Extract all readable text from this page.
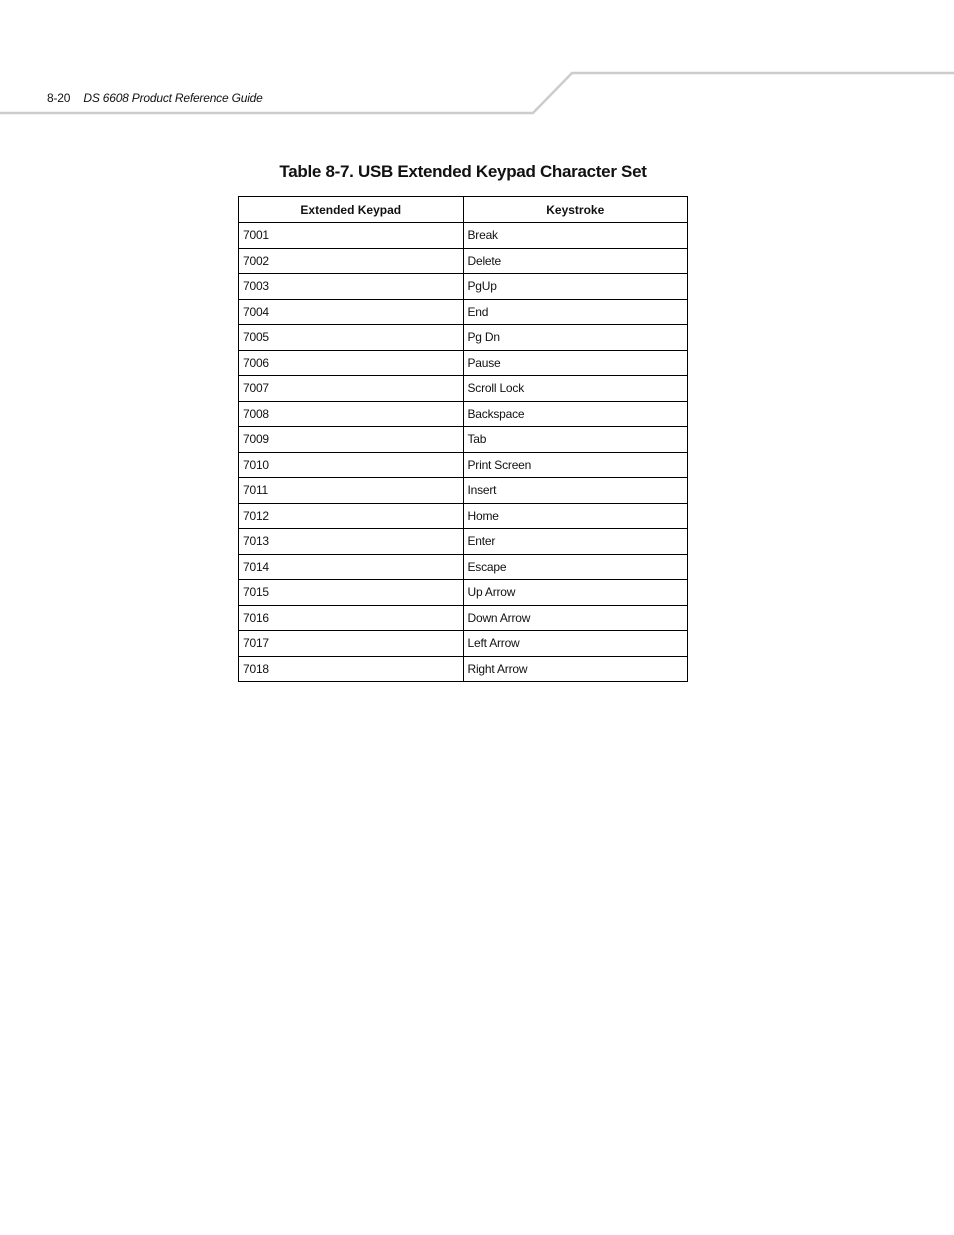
8-20 DS 6608 Product Reference Guide
Table 8-7. USB Extended Keypad Character Set
Extended Keypad	Keystroke
7001	Break
7002	Delete
7003	PgUp
7004	End
7005	Pg Dn
7006	Pause
7007	Scroll Lock
7008	Backspace
7009	Tab
7010	Print Screen
7011	Insert
7012	Home
7013	Enter
7014	Escape
7015	Up Arrow
7016	Down Arrow
7017	Left Arrow
7018	Right Arrow
